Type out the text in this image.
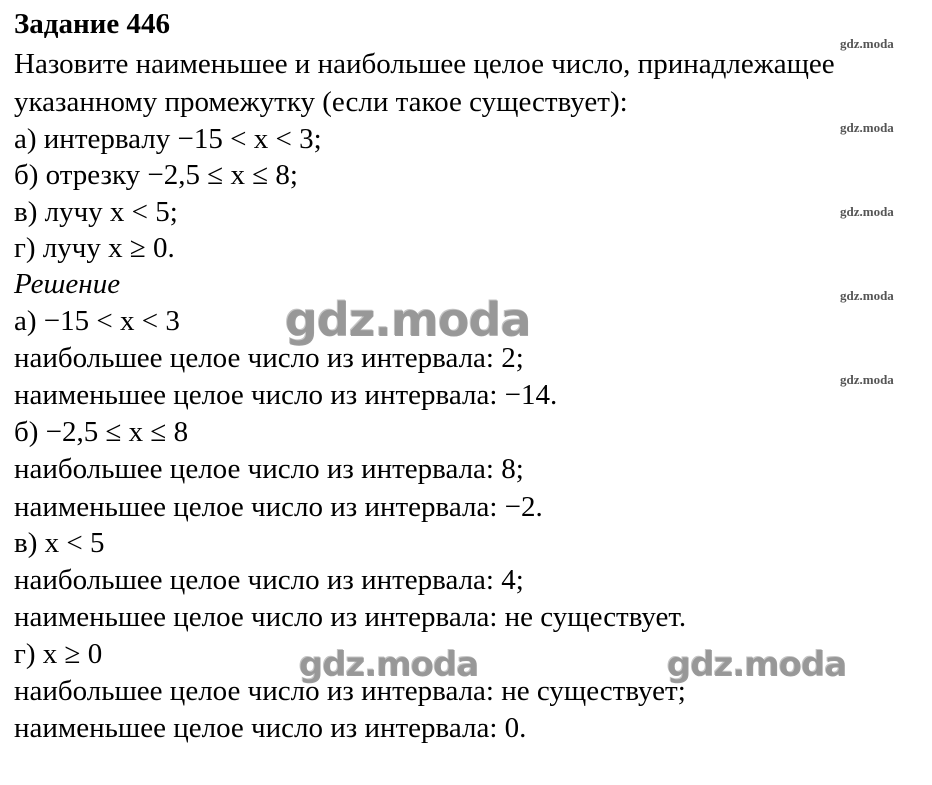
Задание 446
Назовите наименьшее и наибольшее целое число, принадлежащее
указанному промежутку (если такое существует):
а) интервалу −15 < x < 3;
б) отрезку −2,5 ≤ x ≤ 8;
в) лучу x < 5;
г) лучу x ≥ 0.
Решение
а) −15 < x < 3
наибольшее целое число из интервала: 2;
наименьшее целое число из интервала: −14.
б) −2,5 ≤ x ≤ 8
наибольшее целое число из интервала: 8;
наименьшее целое число из интервала: −2.
в) x < 5
наибольшее целое число из интервала: 4;
наименьшее целое число из интервала: не существует.
г) x ≥ 0
наибольшее целое число из интервала: не существует;
наименьшее целое число из интервала: 0.
gdz.moda
gdz.moda
gdz.moda
gdz.moda
gdz.moda
gdz.moda
gdz.moda	gdz.moda
